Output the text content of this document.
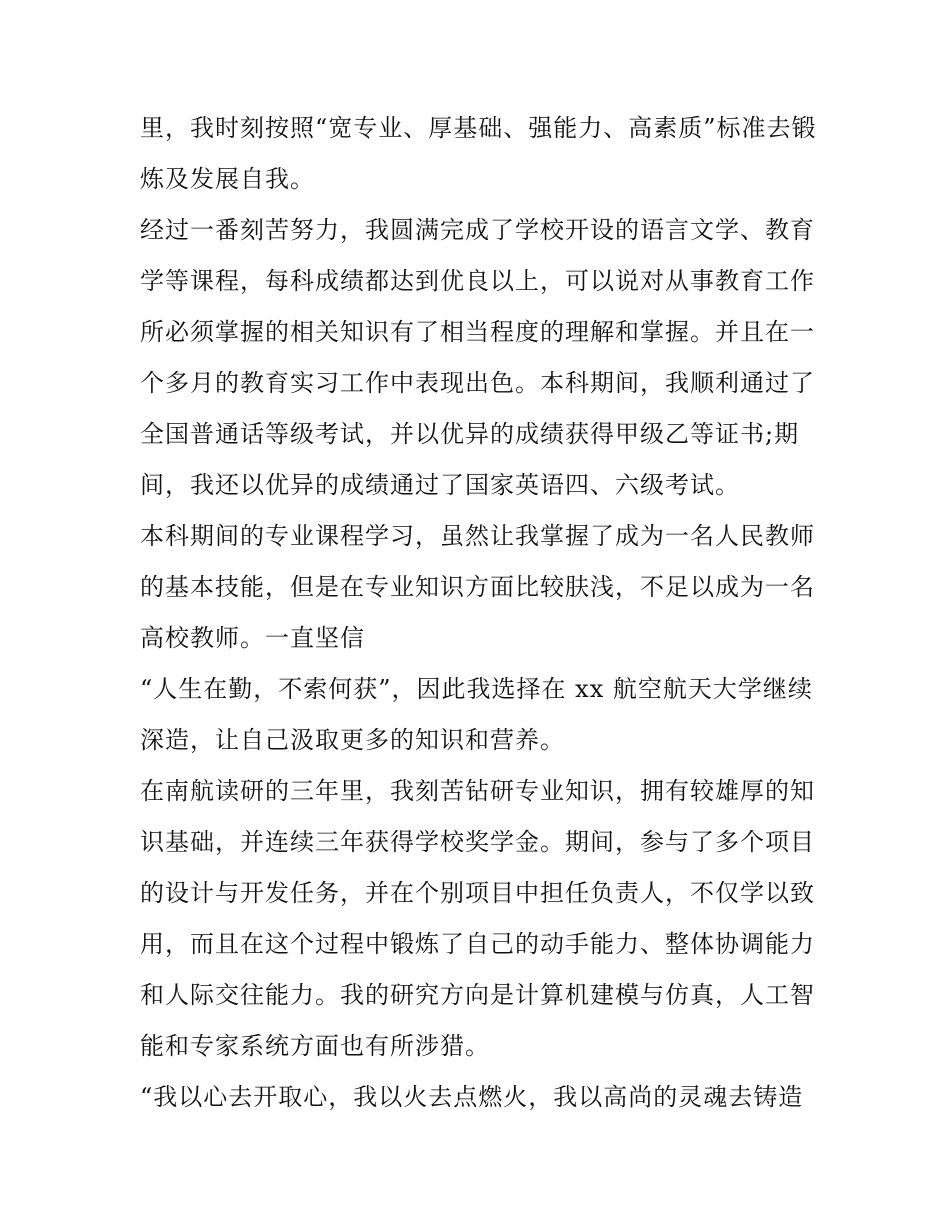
里，我时刻按照“宽专业、厚基础、强能力、高素质”标准去锻
炼及发展自我。
经过一番刻苦努力，我圆满完成了学校开设的语言文学、教育
学等课程，每科成绩都达到优良以上，可以说对从事教育工作
所必须掌握的相关知识有了相当程度的理解和掌握。并且在一
个多月的教育实习工作中表现出色。本科期间，我顺利通过了
全国普通话等级考试，并以优异的成绩获得甲级乙等证书;期
间，我还以优异的成绩通过了国家英语四、六级考试。
本科期间的专业课程学习，虽然让我掌握了成为一名人民教师
的基本技能，但是在专业知识方面比较肤浅，不足以成为一名
高校教师。一直坚信
“人生在勤，不索何获”，因此我选择在 xx 航空航天大学继续
深造，让自己汲取更多的知识和营养。
在南航读研的三年里，我刻苦钻研专业知识，拥有较雄厚的知
识基础，并连续三年获得学校奖学金。期间，参与了多个项目
的设计与开发任务，并在个别项目中担任负责人，不仅学以致
用，而且在这个过程中锻炼了自己的动手能力、整体协调能力
和人际交往能力。我的研究方向是计算机建模与仿真，人工智
能和专家系统方面也有所涉猎。
“我以心去开取心，我以火去点燃火，我以高尚的灵魂去铸造
